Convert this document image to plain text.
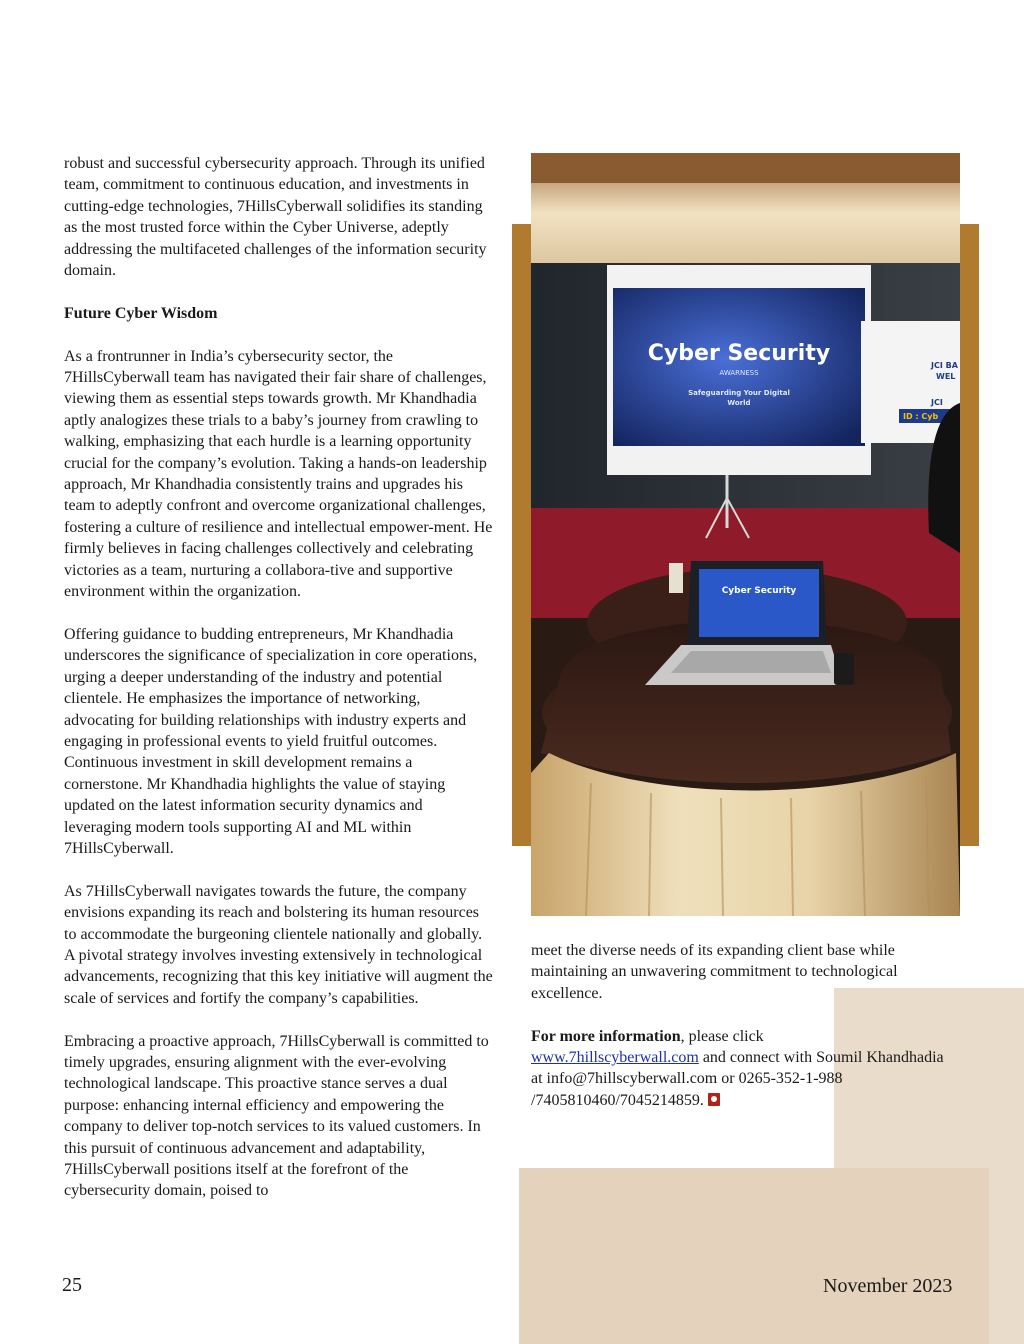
robust and successful cybersecurity approach. Through its unified team, commitment to continuous education, and investments in cutting-edge technologies, 7HillsCyberwall solidifies its standing as the most trusted force within the Cyber Universe, adeptly addressing the multifaceted challenges of the information security domain.

Future Cyber Wisdom

As a frontrunner in India’s cybersecurity sector, the 7HillsCyberwall team has navigated their fair share of challenges, viewing them as essential steps towards growth. Mr Khandhadia aptly analogizes these trials to a baby’s journey from crawling to walking, emphasizing that each hurdle is a learning opportunity crucial for the company’s evolution. Taking a hands-on leadership approach, Mr Khandhadia consistently trains and upgrades his team to adeptly confront and overcome organizational challenges, fostering a culture of resilience and intellectual empower-ment. He firmly believes in facing challenges collectively and celebrating victories as a team, nurturing a collabora-tive and supportive environment within the organization.

Offering guidance to budding entrepreneurs, Mr Khandhadia underscores the significance of specialization in core operations, urging a deeper understanding of the industry and potential clientele. He emphasizes the importance of networking, advocating for building relationships with industry experts and engaging in professional events to yield fruitful outcomes. Continuous investment in skill development remains a cornerstone. Mr Khandhadia highlights the value of staying updated on the latest information security dynamics and leveraging modern tools supporting AI and ML within 7HillsCyberwall.

As 7HillsCyberwall navigates towards the future, the company envisions expanding its reach and bolstering its human resources to accommodate the burgeoning clientele nationally and globally. A pivotal strategy involves investing extensively in technological advancements, recognizing that this key initiative will augment the scale of services and fortify the company’s capabilities.

Embracing a proactive approach, 7HillsCyberwall is committed to timely upgrades, ensuring alignment with the ever-evolving technological landscape. This proactive stance serves a dual purpose: enhancing internal efficiency and empowering the company to deliver top-notch services to its valued customers. In this pursuit of continuous advancement and adaptability, 7HillsCyberwall positions itself at the forefront of the cybersecurity domain, poised to

Cyber Security
AWARNESS
Safeguarding Your Digital
World
JCI BA
WEL
JCI
ID : Cyb
Cyber Security

meet the diverse needs of its expanding client base while maintaining an unwavering commitment to technological excellence.

For more information, please click
www.7hillscyberwall.com and connect with Soumil Khandhadia at info@7hillscyberwall.com or 0265-352-1-988 /7405810460/7045214859.

25	November 2023
